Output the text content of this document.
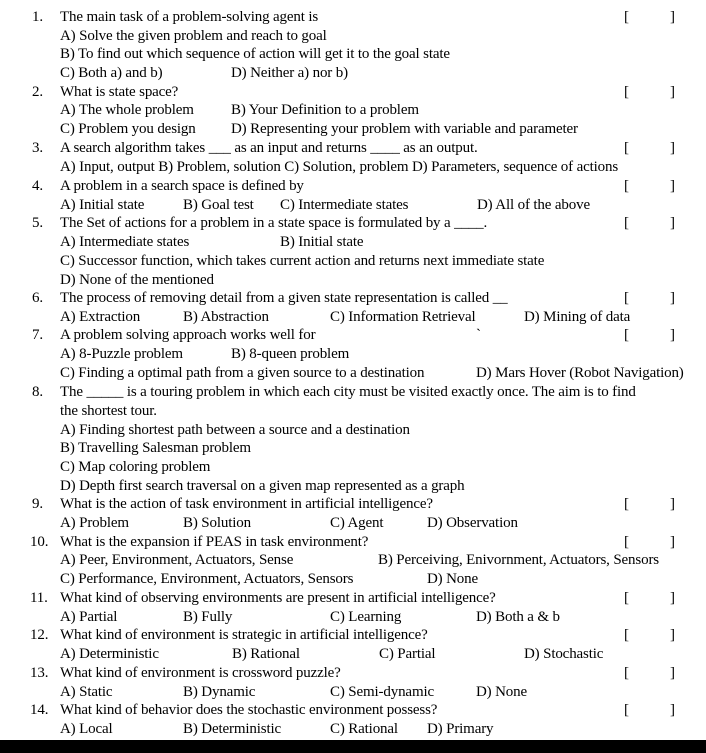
1. The main task of a problem-solving agent is	[	]
A) Solve the given problem and reach to goal
B) To find out which sequence of action will get it to the goal state
C) Both a) and b)	D) Neither a) nor b)
2. What is state space?	[	]
A) The whole problem B) Your Definition to a problem
C) Problem you design D) Representing your problem with variable and parameter
3. A search algorithm takes ___ as an input and returns ____ as an output.	[	]
A) Input, output B) Problem, solution C) Solution, problem D) Parameters, sequence of actions
4. A problem in a search space is defined by	[	]
A) Initial state	B) Goal test C) Intermediate states	D) All of the above
5. The Set of actions for a problem in a state space is formulated by a ____.	[	]
A) Intermediate states	B) Initial state
C) Successor function, which takes current action and returns next immediate state
D) None of the mentioned
6. The process of removing detail from a given state representation is called __	[	]
A) Extraction	B) Abstraction	C) Information Retrieval	D) Mining of data
7. A problem solving approach works well for	`	[	]
A) 8-Puzzle problem	B) 8-queen problem
C) Finding a optimal path from a given source to a destination	D) Mars Hover (Robot Navigation)
8. The _____ is a touring problem in which each city must be visited exactly once. The aim is to find
the shortest tour.
A) Finding shortest path between a source and a destination
B) Travelling Salesman problem
C) Map coloring problem
D) Depth first search traversal on a given map represented as a graph
9. What is the action of task environment in artificial intelligence?	[	]
A) Problem	B) Solution	C) Agent	D) Observation
10. What is the expansion if PEAS in task environment?	[	]
A) Peer, Environment, Actuators, Sense	B) Perceiving, Enivornment, Actuators, Sensors
C) Performance, Environment, Actuators, Sensors	D) None
11. What kind of observing environments are present in artificial intelligence?	[	]
A) Partial	B) Fully	C) Learning	D) Both a & b
12. What kind of environment is strategic in artificial intelligence?	[	]
A) Deterministic	B) Rational	C) Partial	D) Stochastic
13. What kind of environment is crossword puzzle?	[	]
A) Static	B) Dynamic	C) Semi-dynamic	D) None
14. What kind of behavior does the stochastic environment possess?	[	]
A) Local	B) Deterministic	C) Rational D) Primary
